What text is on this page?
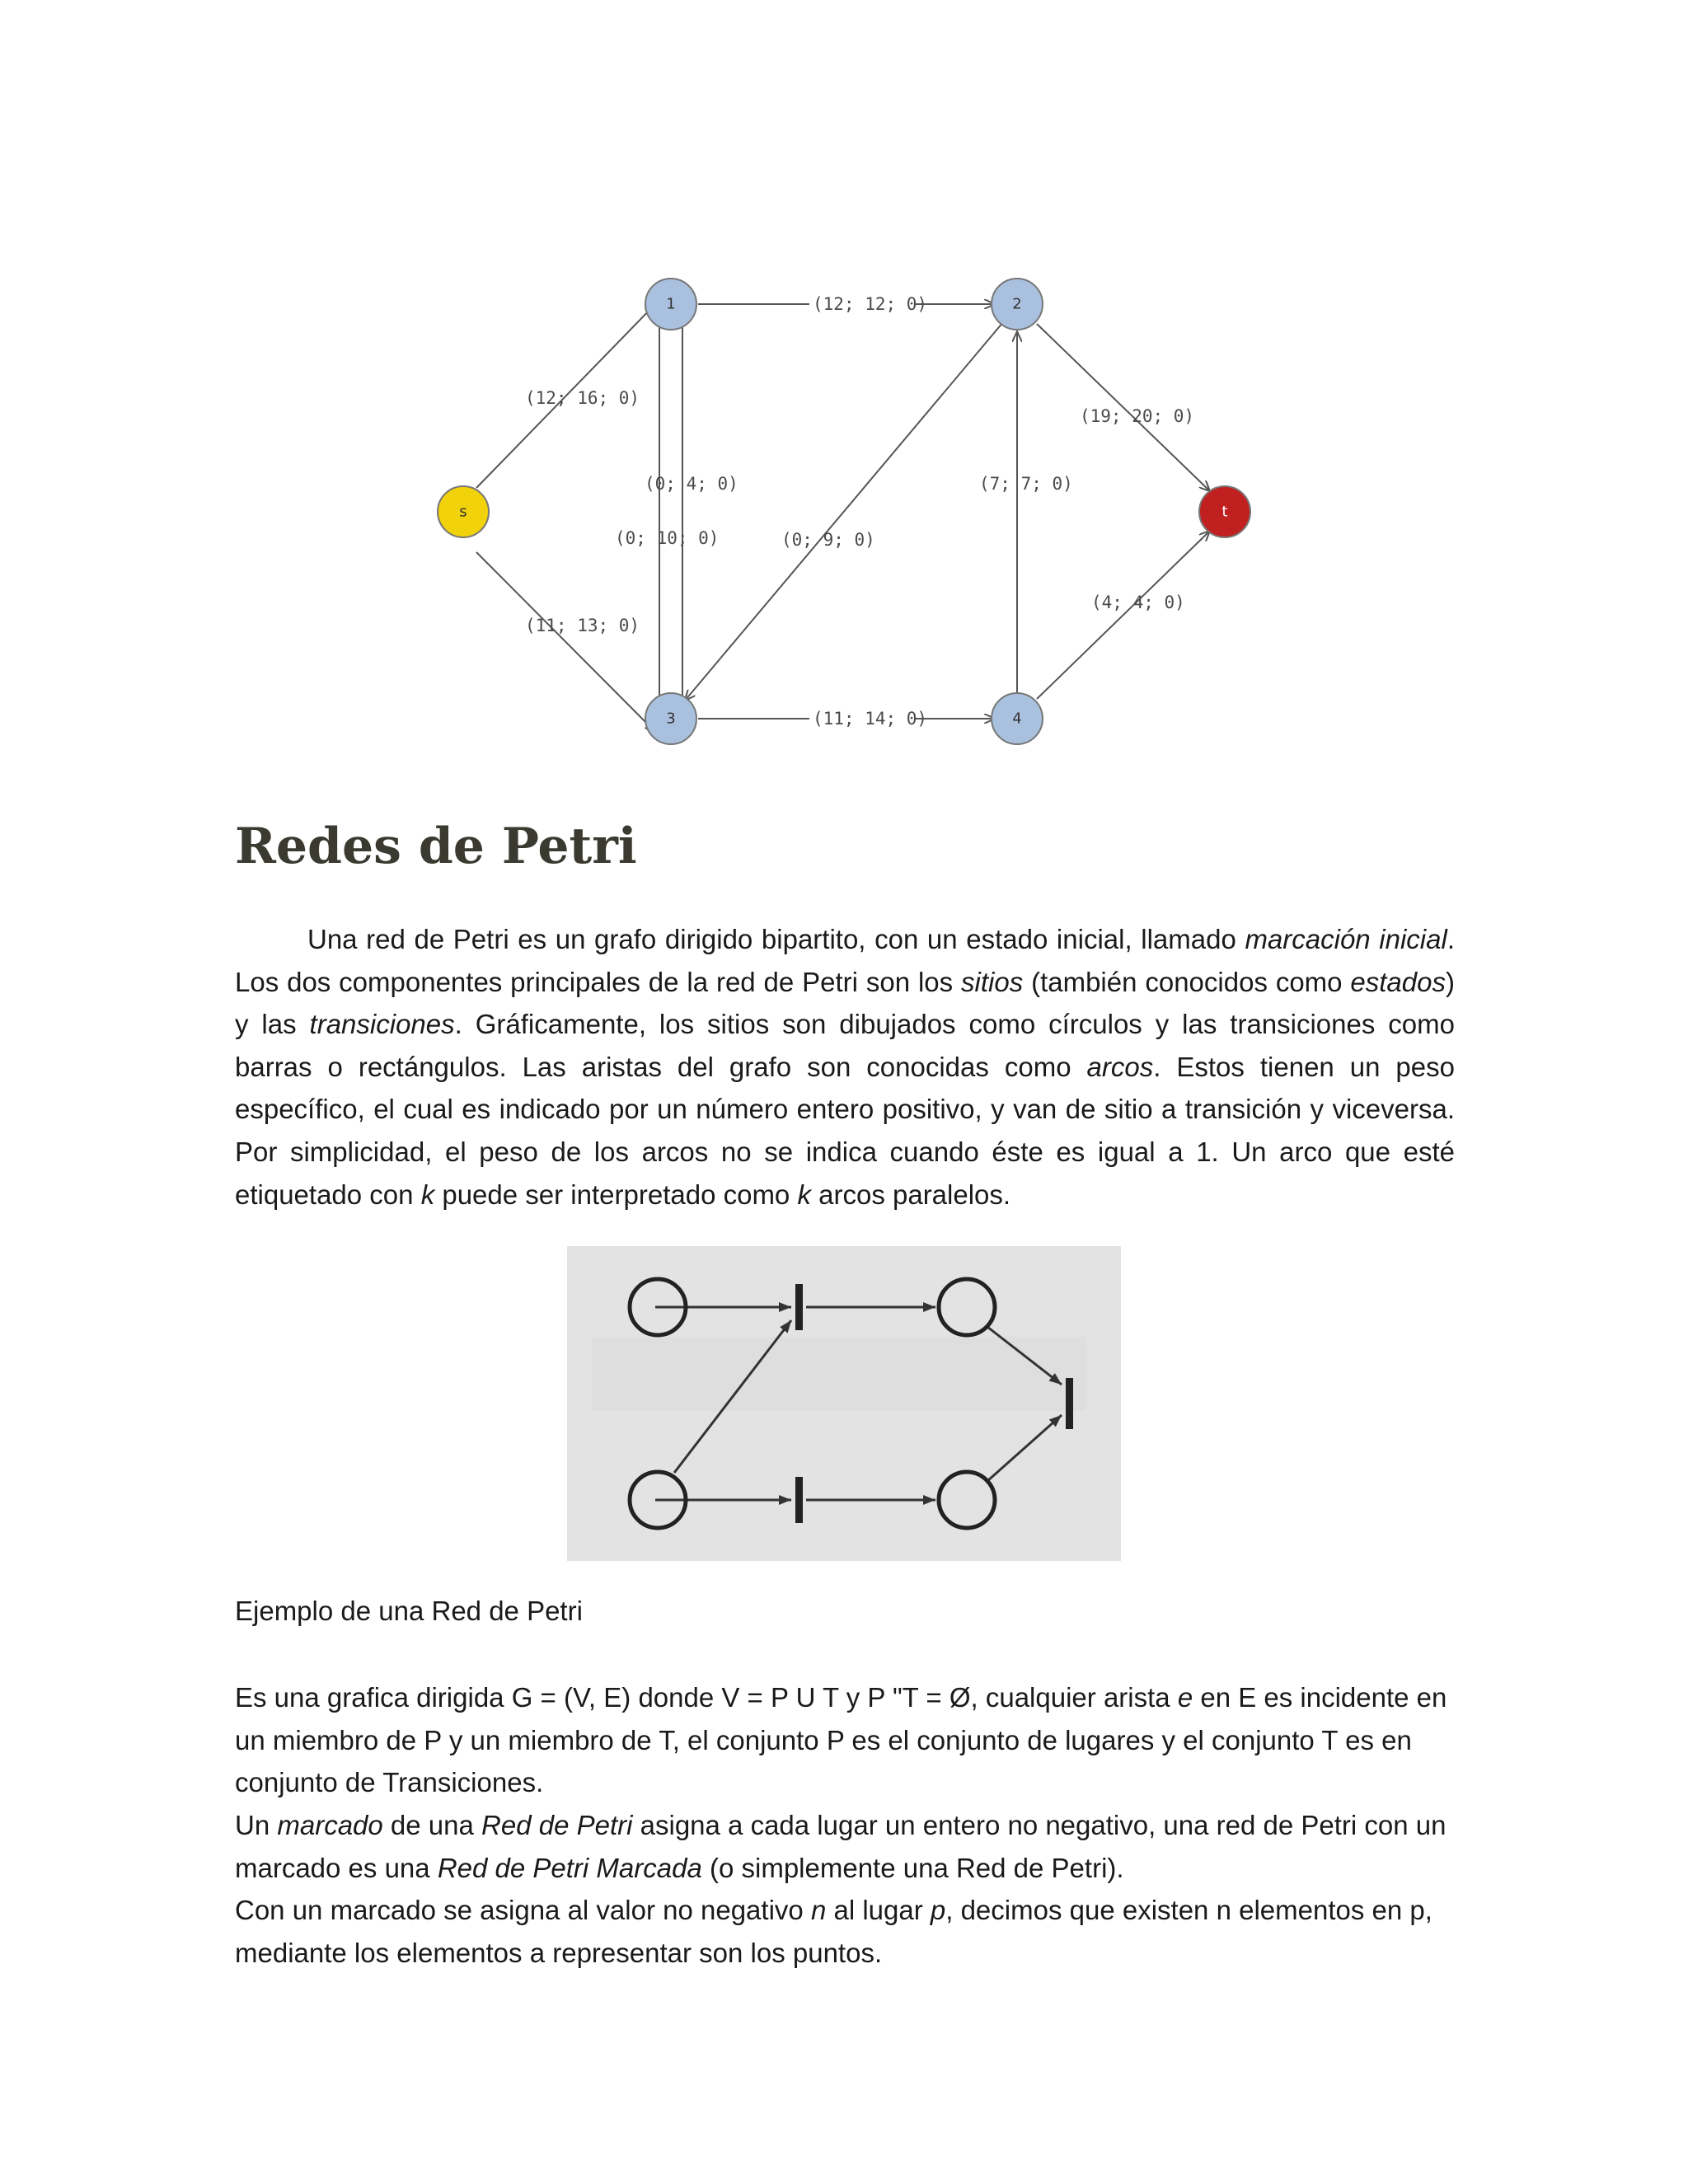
(12; 12; 0)
(11; 14; 0)
(12; 16; 0)
(11; 13; 0)
(0; 4; 0)
(0; 10; 0)	(0; 9; 0)
(7; 7; 0)
(19; 20; 0)
(4; 4; 0)
s
1	2
3	4
t
Redes de Petri

Una red de Petri es un grafo dirigido bipartito, con un estado inicial, llamado marcación inicial. Los dos componentes principales de la red de Petri son los sitios (también conocidos como estados) y las transiciones. Gráficamente, los sitios son dibujados como círculos y las transiciones como barras o rectángulos. Las aristas del grafo son conocidas como arcos. Estos tienen un peso específico, el cual es indicado por un número entero positivo, y van de sitio a transición y viceversa. Por simplicidad, el peso de los arcos no se indica cuando éste es igual a 1. Un arco que esté etiquetado con k puede ser interpretado como k arcos paralelos.

Ejemplo de una Red de Petri

Es una grafica dirigida G = (V, E) donde V = P U T y P "T = Ø, cualquier arista e en E es incidente en un miembro de P y un miembro de T, el conjunto P es el conjunto de lugares y el conjunto T es en conjunto de Transiciones.

Un marcado de una Red de Petri asigna a cada lugar un entero no negativo, una red de Petri con un marcado es una Red de Petri Marcada (o simplemente una Red de Petri).

Con un marcado se asigna al valor no negativo n al lugar p, decimos que existen n elementos en p, mediante los elementos a representar son los puntos.
